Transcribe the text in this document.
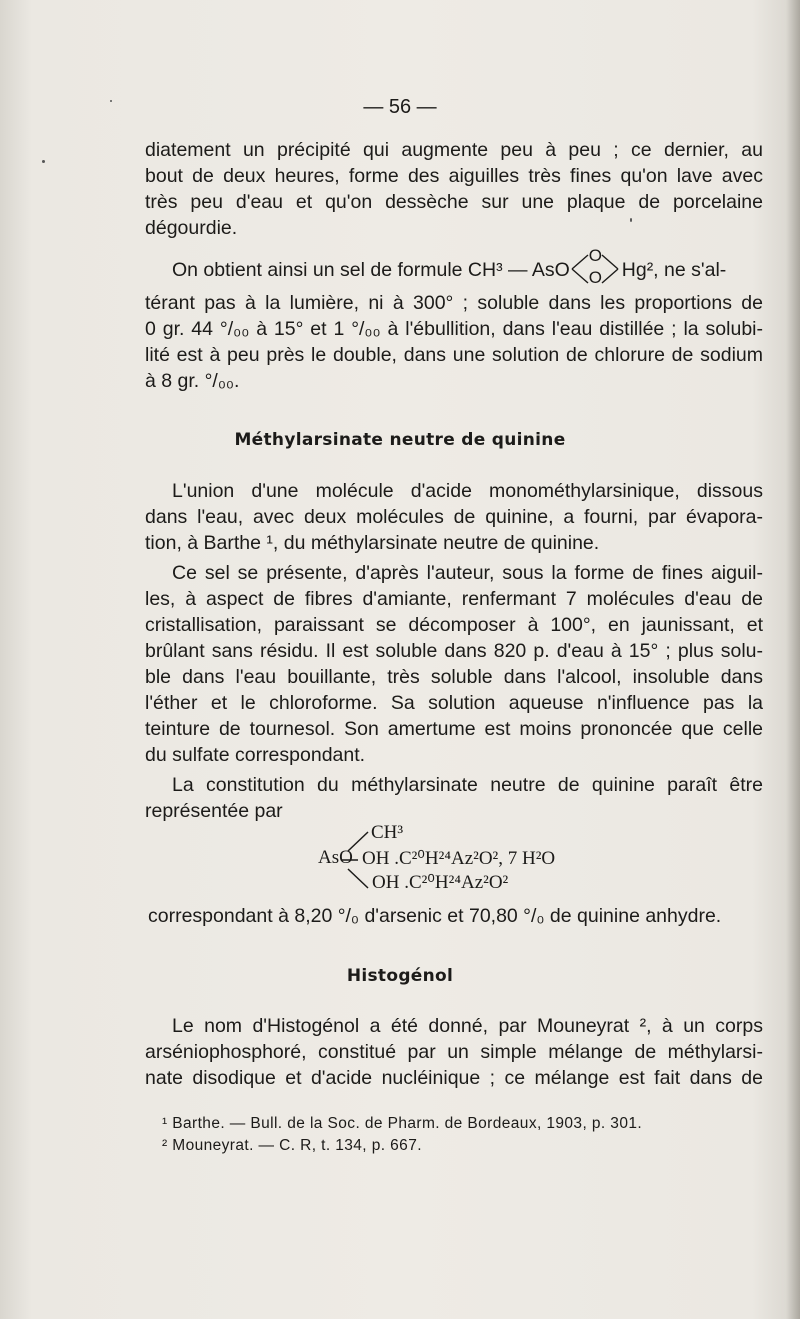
— 56 —
diatement un précipité qui augmente peu à peu ; ce dernier, au
bout de deux heures, forme des aiguilles très fines qu'on lave avec
très peu d'eau et qu'on dessèche sur une plaque de porcelaine
dégourdie.
On obtient ainsi un sel de formule CH³ — AsO
O
O Hg², ne s'al-
térant pas à la lumière, ni à 300° ; soluble dans les proportions de
0 gr. 44 °/₀₀ à 15° et 1 °/₀₀ à l'ébullition, dans l'eau distillée ; la solubi-
lité est à peu près le double, dans une solution de chlorure de sodium
à 8 gr. °/₀₀.
Méthylarsinate neutre de quinine
L'union d'une molécule d'acide monométhylarsinique, dissous
dans l'eau, avec deux molécules de quinine, a fourni, par évapora-
tion, à Barthe ¹, du méthylarsinate neutre de quinine.
Ce sel se présente, d'après l'auteur, sous la forme de fines aiguil-
les, à aspect de fibres d'amiante, renfermant 7 molécules d'eau de
cristallisation, paraissant se décomposer à 100°, en jaunissant, et
brûlant sans résidu. Il est soluble dans 820 p. d'eau à 15° ; plus solu-
ble dans l'eau bouillante, très soluble dans l'alcool, insoluble dans
l'éther et le chloroforme. Sa solution aqueuse n'influence pas la
teinture de tournesol. Son amertume est moins prononcée que celle
du sulfate correspondant.
La constitution du méthylarsinate neutre de quinine paraît être
représentée par
CH³
AsO OH .C²⁰H²⁴Az²O², 7 H²O
OH .C²⁰H²⁴Az²O²
correspondant à 8,20 °/₀ d'arsenic et 70,80 °/₀ de quinine anhydre.
Histogénol
Le nom d'Histogénol a été donné, par Mouneyrat ², à un corps
arséniophosphoré, constitué par un simple mélange de méthylarsi-
nate disodique et d'acide nucléinique ; ce mélange est fait dans de
¹ Barthe. — Bull. de la Soc. de Pharm. de Bordeaux, 1903, p. 301.
² Mouneyrat. — C. R, t. 134, p. 667.
